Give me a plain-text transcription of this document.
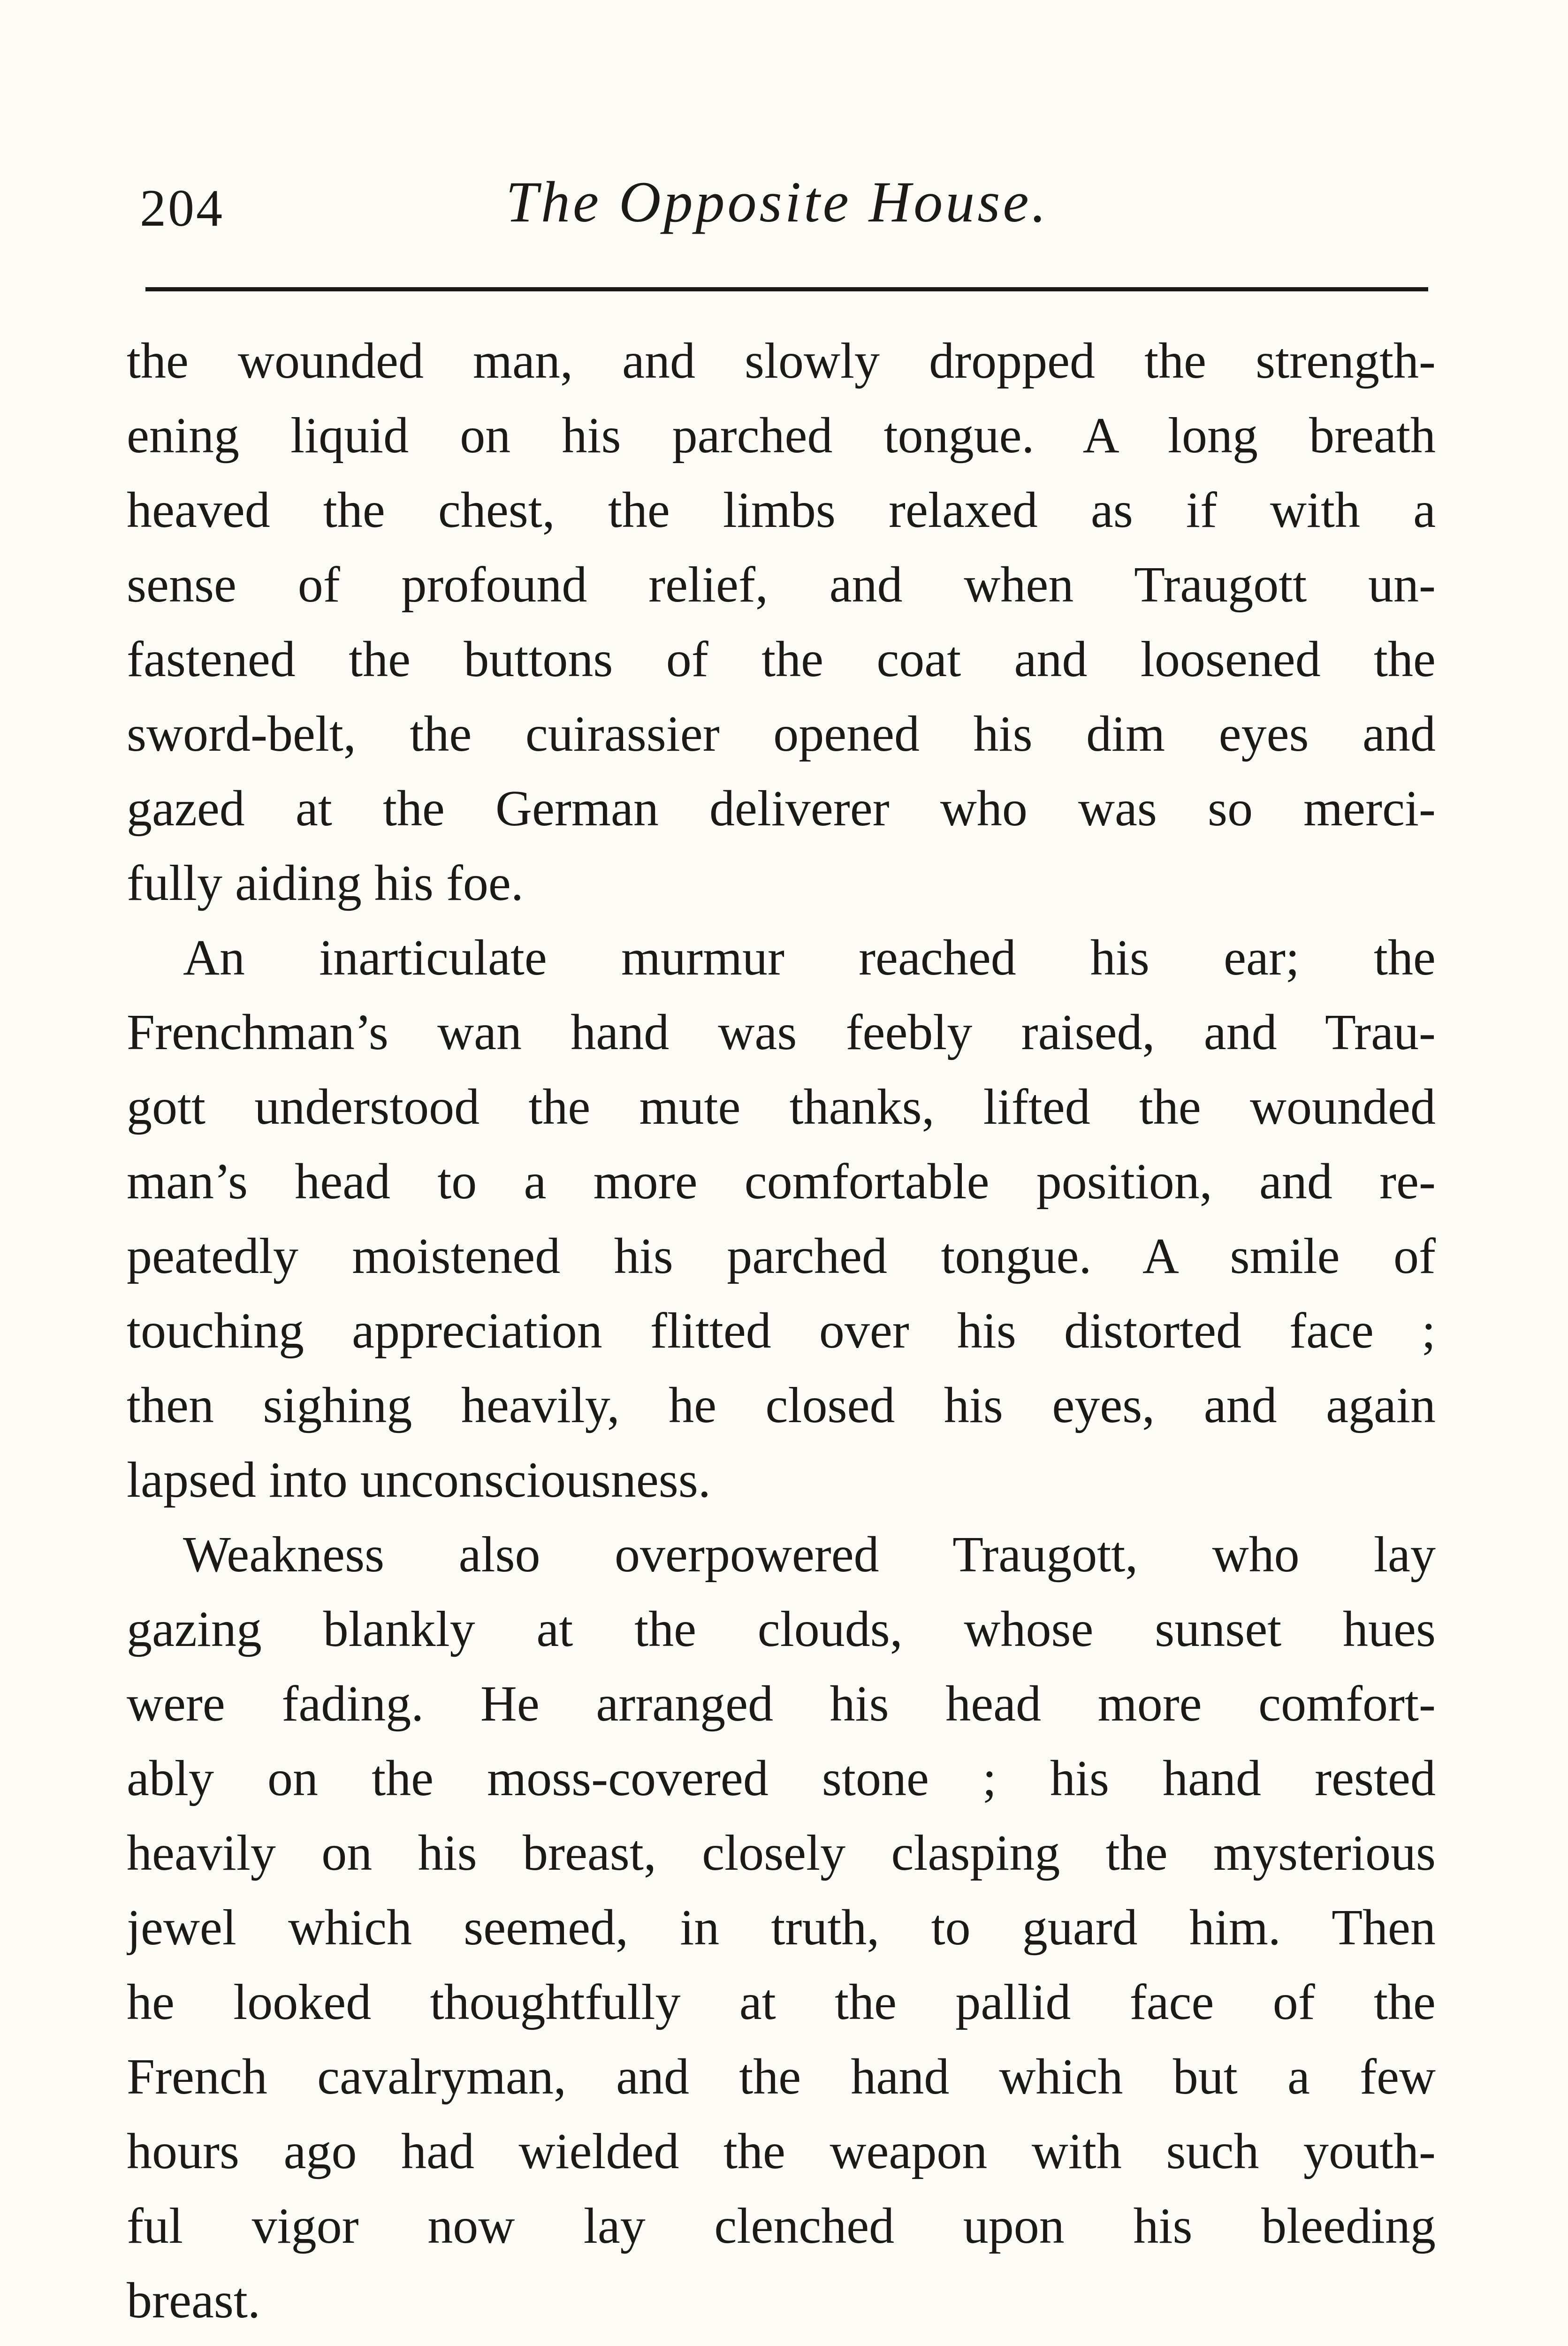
204	The Opposite House.
the wounded man, and slowly dropped the strength-
ening liquid on his parched tongue. A long breath
heaved the chest, the limbs relaxed as if with a
sense of profound relief, and when Traugott un-
fastened the buttons of the coat and loosened the
sword-belt, the cuirassier opened his dim eyes and
gazed at the German deliverer who was so merci-
fully aiding his foe.
An inarticulate murmur reached his ear; the
Frenchman’s wan hand was feebly raised, and Trau-
gott understood the mute thanks, lifted the wounded
man’s head to a more comfortable position, and re-
peatedly moistened his parched tongue. A smile of
touching appreciation flitted over his distorted face ;
then sighing heavily, he closed his eyes, and again
lapsed into unconsciousness.
Weakness also overpowered Traugott, who lay
gazing blankly at the clouds, whose sunset hues
were fading. He arranged his head more comfort-
ably on the moss-covered stone ; his hand rested
heavily on his breast, closely clasping the mysterious
jewel which seemed, in truth, to guard him. Then
he looked thoughtfully at the pallid face of the
French cavalryman, and the hand which but a few
hours ago had wielded the weapon with such youth-
ful vigor now lay clenched upon his bleeding
breast.
